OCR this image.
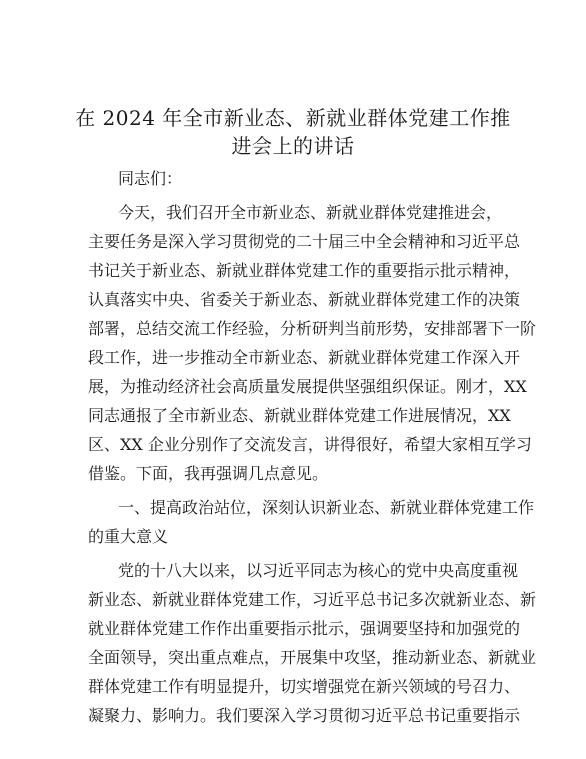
在 2024 年全市新业态、新就业群体党建工作推
进会上的讲话
同志们：
今天，我们召开全市新业态、新就业群体党建推进会，
主要任务是深入学习贯彻党的二十届三中全会精神和习近平总
书记关于新业态、新就业群体党建工作的重要指示批示精神，
认真落实中央、省委关于新业态、新就业群体党建工作的决策
部署，总结交流工作经验，分析研判当前形势，安排部署下一阶
段工作，进一步推动全市新业态、新就业群体党建工作深入开
展，为推动经济社会高质量发展提供坚强组织保证。刚才，XX
同志通报了全市新业态、新就业群体党建工作进展情况，XX
区、XX 企业分别作了交流发言，讲得很好，希望大家相互学习
借鉴。下面，我再强调几点意见。
一、提高政治站位，深刻认识新业态、新就业群体党建工作
的重大意义
党的十八大以来，以习近平同志为核心的党中央高度重视
新业态、新就业群体党建工作，习近平总书记多次就新业态、新
就业群体党建工作作出重要指示批示，强调要坚持和加强党的
全面领导，突出重点难点，开展集中攻坚，推动新业态、新就业
群体党建工作有明显提升，切实增强党在新兴领域的号召力、
凝聚力、影响力。我们要深入学习贯彻习近平总书记重要指示
